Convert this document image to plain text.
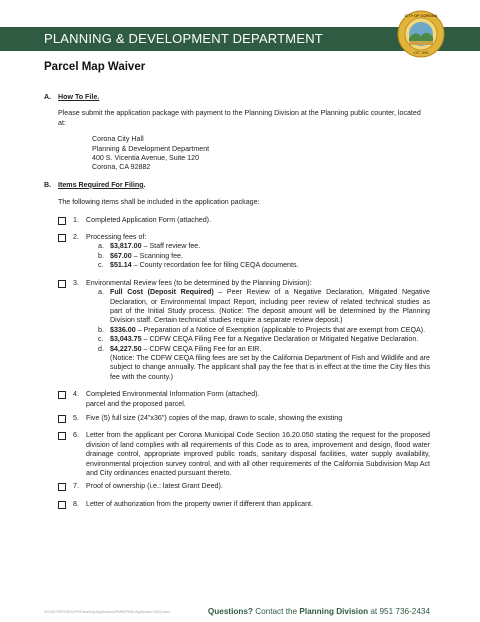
PLANNING & DEVELOPMENT DEPARTMENT
CITY OF CORONA
EST. 1896
Parcel Map Waiver
A. How To File.
Please submit the application package with payment to the Planning Division at the Planning public counter, located at:
Corona City Hall
Planning & Development Department
400 S. Vicentia Avenue, Suite 120
Corona, CA 92882
B. Items Required For Filing.
The following items shall be included in the application package:
1. Completed Application Form (attached).
2. Processing fees of:
a. $3,817.00 – Staff review fee.
b. $67.00 – Scanning fee.
c. $51.14 – County recordation fee for filing CEQA documents.
3. Environmental Review fees (to be determined by the Planning Division):
a. Full Cost (Deposit Required) – Peer Review of a Negative Declaration, Mitigated Negative Declaration, or Environmental Impact Report, including peer review of related technical studies as part of the Initial Study process. (Notice: The deposit amount will be determined by the Planning Division staff. Certain technical studies require a separate review deposit.)
b. $336.00 – Preparation of a Notice of Exemption (applicable to Projects that are exempt from CEQA).
c. $3,043.75 – CDFW CEQA Filing Fee for a Negative Declaration or Mitigated Negative Declaration.
d. $4,227.50 – CDFW CEQA Filing Fee for an EIR.
(Notice: The CDFW CEQA filing fees are set by the California Department of Fish and Wildlife and are subject to change annually. The applicant shall pay the fee that is in effect at the time the City files this fee with the county.)
4. Completed Environmental Information Form (attached).
parcel and the proposed parcel.
5. Five (5) full size (24"x36") copies of the map, drawn to scale, showing the existing
6. Letter from the applicant per Corona Municipal Code Section 16.20.050 stating the request for the proposed division of land complies with all requirements of this Code as to area, improvement and design, flood water drainage control, appropriate improved public roads, sanitary disposal facilities, water supply availability, environmental projection survey control, and with all other requirements of the California Subdivision Map Act and City ordinances enacted pursuant thereto.
7. Proof of ownership (i.e.: latest Grant Deed).
8. Letter of authorization from the property owner if different than applicant.
\\CLUSTER\GROUPS\Planning\Applications\PMW\PMW Application 2023.docx	Questions? Contact the Planning Division at 951 736-2434
